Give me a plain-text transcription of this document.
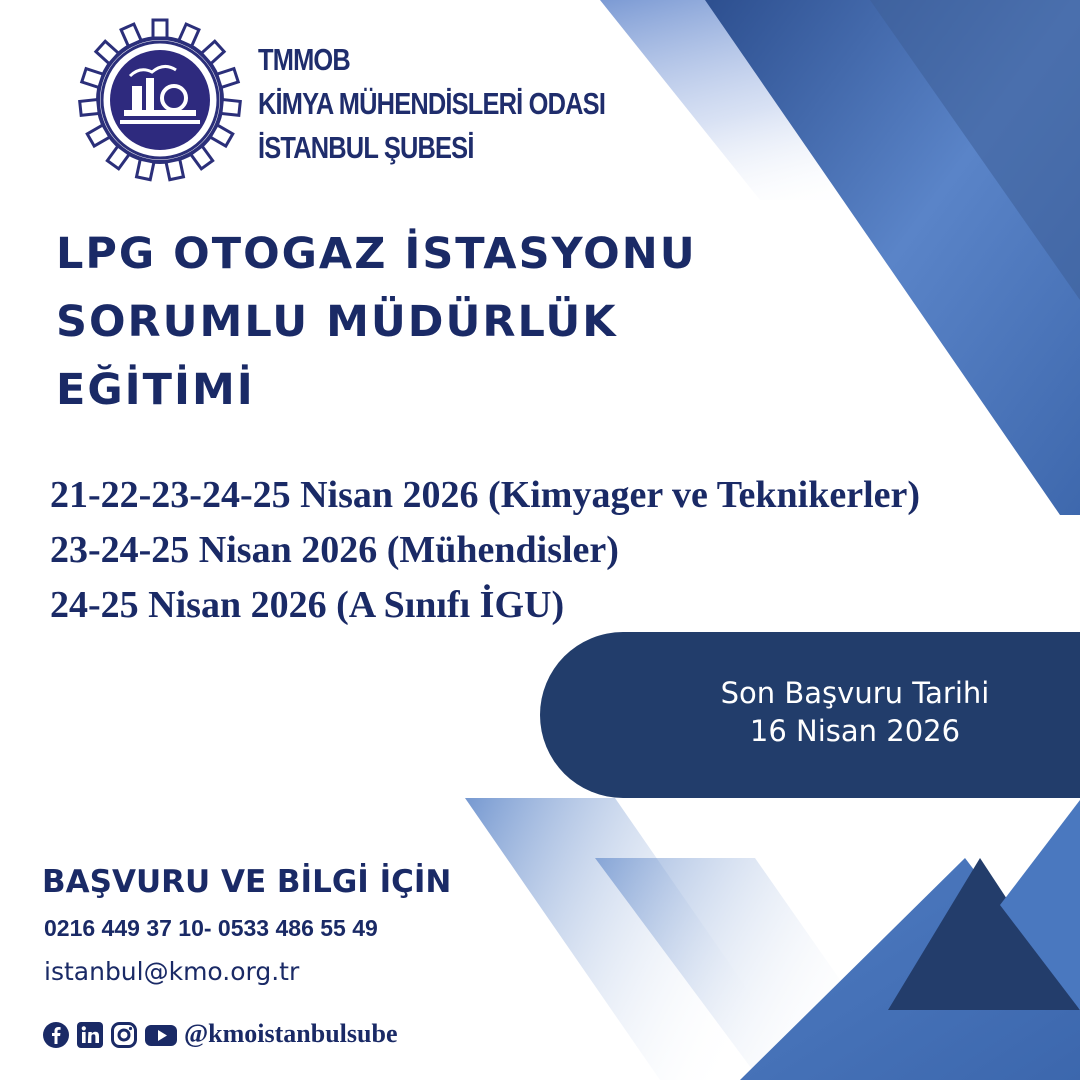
TMMOB
KİMYA MÜHENDİSLERİ ODASI
İSTANBUL ŞUBESİ
LPG OTOGAZ İSTASYONU
SORUMLU MÜDÜRLÜK
EĞİTİMİ
21-22-23-24-25 Nisan 2026 (Kimyager ve Teknikerler)
23-24-25 Nisan 2026 (Mühendisler)
24-25 Nisan 2026 (A Sınıfı İGU)
Son Başvuru Tarihi
16 Nisan 2026
BAŞVURU VE BİLGİ İÇİN
0216 449 37 10- 0533 486 55 49
istanbul@kmo.org.tr
@kmoistanbulsube
